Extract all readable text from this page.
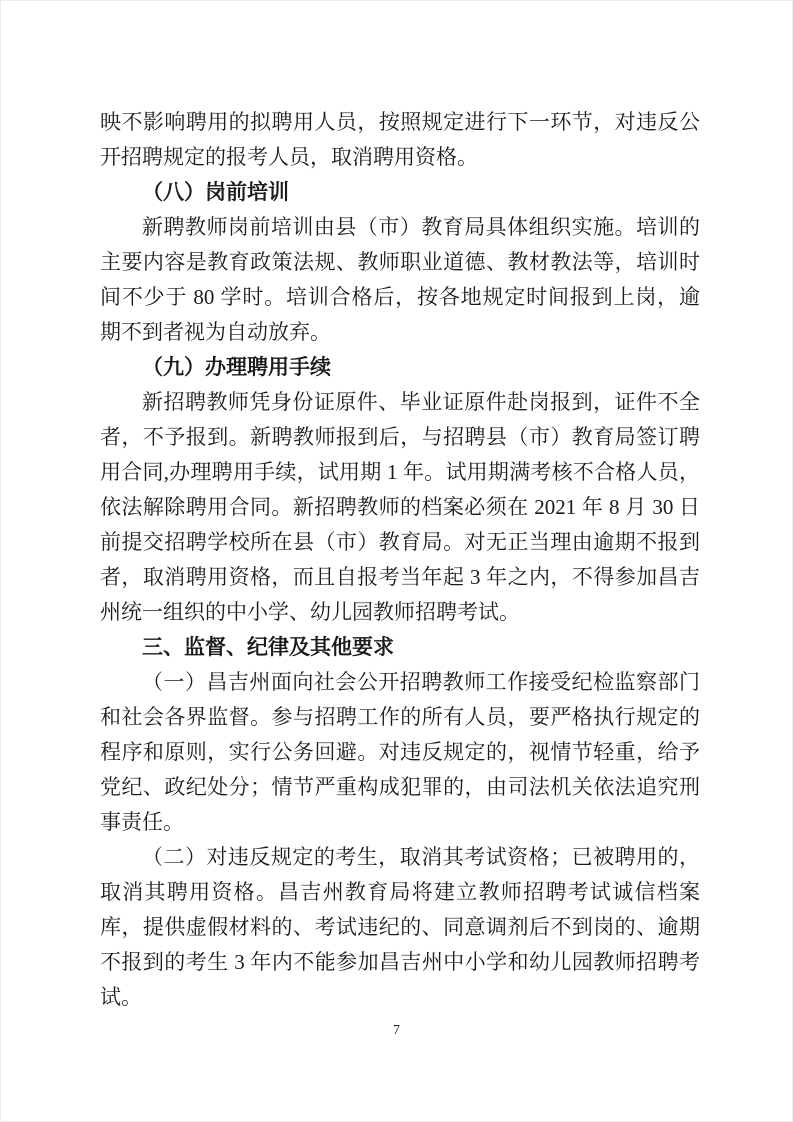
映不影响聘用的拟聘用人员，按照规定进行下一环节，对违反公
开招聘规定的报考人员，取消聘用资格。
（八）岗前培训
新聘教师岗前培训由县（市）教育局具体组织实施。培训的
主要内容是教育政策法规、教师职业道德、教材教法等，培训时
间不少于 80 学时。培训合格后，按各地规定时间报到上岗，逾
期不到者视为自动放弃。
（九）办理聘用手续
新招聘教师凭身份证原件、毕业证原件赴岗报到，证件不全
者，不予报到。新聘教师报到后，与招聘县（市）教育局签订聘
用合同,办理聘用手续，试用期 1 年。试用期满考核不合格人员，
依法解除聘用合同。新招聘教师的档案必须在 2021 年 8 月 30 日
前提交招聘学校所在县（市）教育局。对无正当理由逾期不报到
者，取消聘用资格，而且自报考当年起 3 年之内，不得参加昌吉
州统一组织的中小学、幼儿园教师招聘考试。
三、监督、纪律及其他要求
（一）昌吉州面向社会公开招聘教师工作接受纪检监察部门
和社会各界监督。参与招聘工作的所有人员，要严格执行规定的
程序和原则，实行公务回避。对违反规定的，视情节轻重，给予
党纪、政纪处分；情节严重构成犯罪的，由司法机关依法追究刑
事责任。
（二）对违反规定的考生，取消其考试资格；已被聘用的，
取消其聘用资格。昌吉州教育局将建立教师招聘考试诚信档案
库，提供虚假材料的、考试违纪的、同意调剂后不到岗的、逾期
不报到的考生 3 年内不能参加昌吉州中小学和幼儿园教师招聘考
试。
7
